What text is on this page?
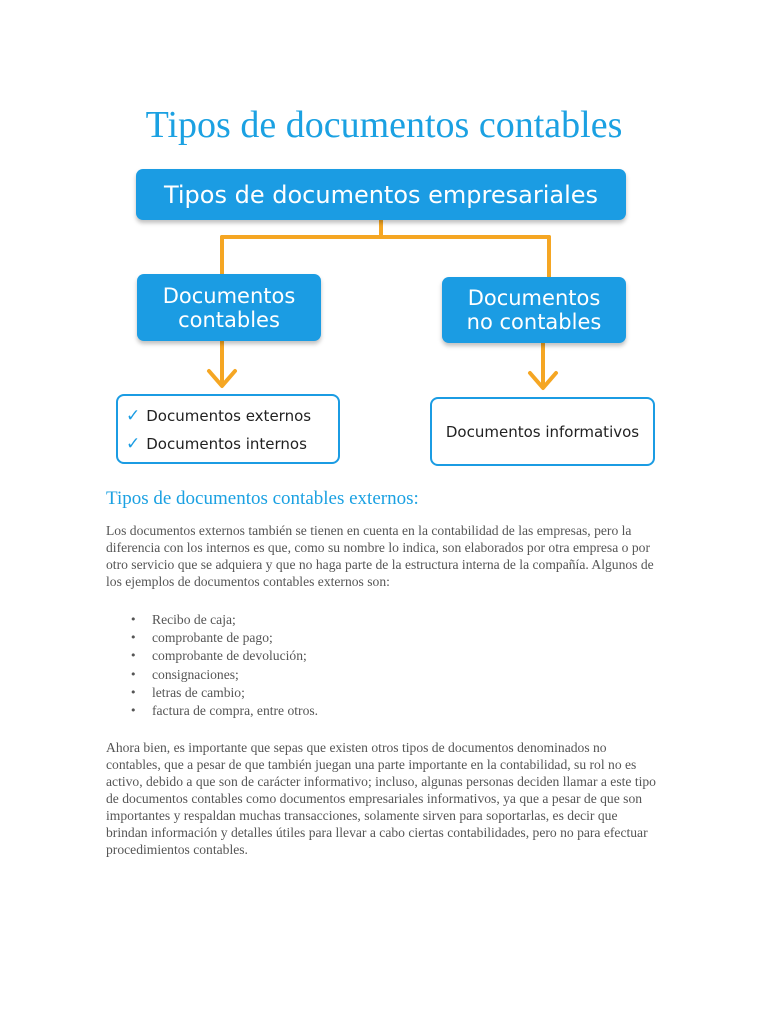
Tipos de documentos contables
Tipos de documentos empresariales
Documentos
contables
Documentos
no contables
✓ Documentos externos
✓ Documentos internos
Documentos informativos
Tipos de documentos contables externos:

Los documentos externos también se tienen en cuenta en la contabilidad de las empresas, pero la diferencia con los internos es que, como su nombre lo indica, son elaborados por otra empresa o por otro servicio que se adquiera y que no haga parte de la estructura interna de la compañía. Algunos de los ejemplos de documentos contables externos son:

• Recibo de caja;
• comprobante de pago;
• comprobante de devolución;
• consignaciones;
• letras de cambio;
• factura de compra, entre otros.

Ahora bien, es importante que sepas que existen otros tipos de documentos denominados no contables, que a pesar de que también juegan una parte importante en la contabilidad, su rol no es activo, debido a que son de carácter informativo; incluso, algunas personas deciden llamar a este tipo de documentos contables como documentos empresariales informativos, ya que a pesar de que son importantes y respaldan muchas transacciones, solamente sirven para soportarlas, es decir que brindan información y detalles útiles para llevar a cabo ciertas contabilidades, pero no para efectuar procedimientos contables.
